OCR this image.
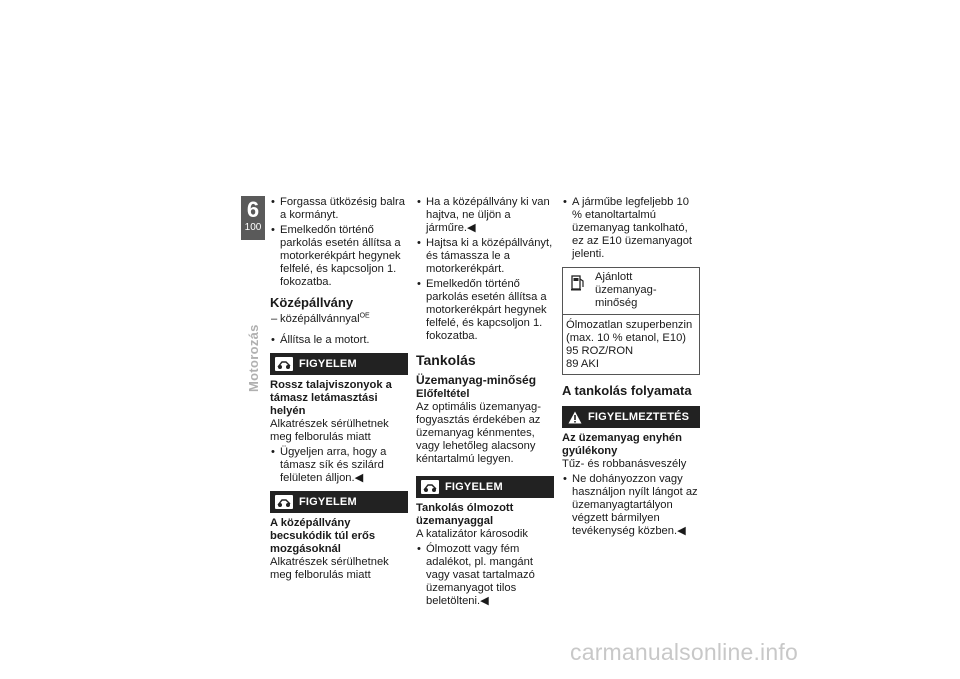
6
100
Motorozás
• Forgassa ütközésig balra a kormányt.
• Emelkedőn történő parkolás esetén állítsa a motorkerékpárt hegynek felfelé, és kapcsoljon 1. fokozatba.
Középállvány
– középállvánnyal$^{OE}$
• Állítsa le a motort.
FIGYELEM
Rossz talajviszonyok a támasz letámasztási helyén
Alkatrészek sérülhetnek meg felborulás miatt
• Ügyeljen arra, hogy a támasz sík és szilárd felületen álljon.◀
FIGYELEM
A középállvány becsukódik túl erős mozgásoknál
Alkatrészek sérülhetnek meg felborulás miatt
• Ha a középállvány ki van hajtva, ne üljön a járműre.◀
• Hajtsa ki a középállványt, és támassza le a motorkerékpárt.
• Emelkedőn történő parkolás esetén állítsa a motorkerékpárt hegynek felfelé, és kapcsoljon 1. fokozatba.
Tankolás
Üzemanyag-minőség
Előfeltétel
Az optimális üzemanyag-fogyasztás érdekében az üzemanyag kénmentes, vagy lehetőleg alacsony kéntartalmú legyen.
FIGYELEM
Tankolás ólmozott üzemanyaggal
A katalizátor károsodik
• Ólmozott vagy fém adalékot, pl. mangánt vagy vasat tartalmazó üzemanyagot tilos beletölteni.◀
• A járműbe legfeljebb 10 % etanoltartalmú üzemanyag tankolható, ez az E10 üzemanyagot jelenti.
Ajánlott üzemanyag-minőség
Ólmozatlan szuperbenzin (max. 10 % etanol, E10)
95 ROZ/RON
89 AKI
A tankolás folyamata
FIGYELMEZTETÉS
Az üzemanyag enyhén gyúlékony
Tűz- és robbanásveszély
• Ne dohányozzon vagy használjon nyílt lángot az üzemanyagtartályon végzett bármilyen tevékenység közben.◀
carmanualsonline.info
